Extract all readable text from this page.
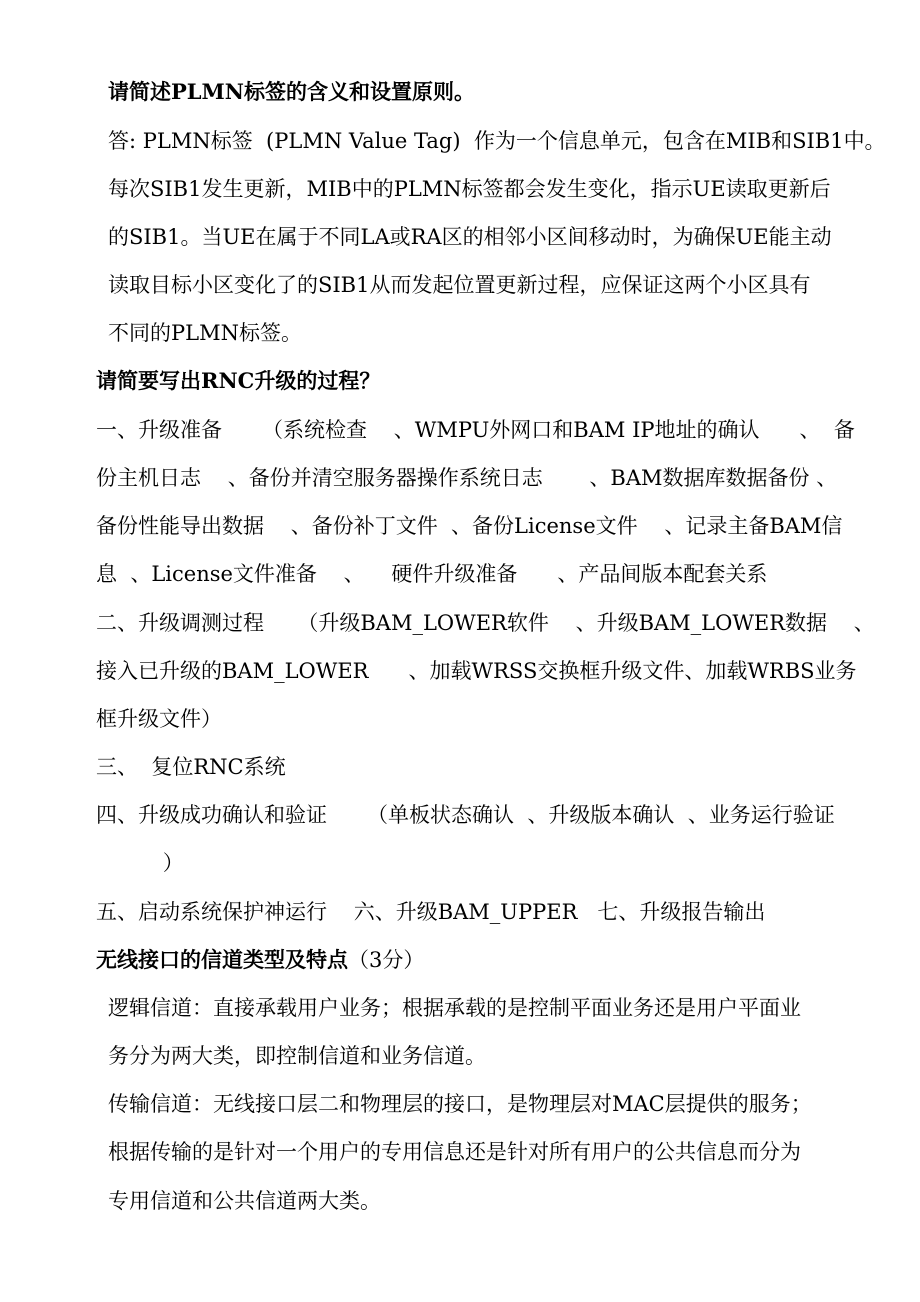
请简述PLMN标签的含义和设置原则。
答: PLMN标签  (PLMN Value Tag)  作为一个信息单元，包含在MIB和SIB1中。
每次SIB1发生更新，MIB中的PLMN标签都会发生变化，指示UE读取更新后
的SIB1。当UE在属于不同LA或RA区的相邻小区间移动时，为确保UE能主动
读取目标小区变化了的SIB1从而发起位置更新过程，应保证这两个小区具有
不同的PLMN标签。
请简要写出RNC升级的过程？
一、升级准备      （系统检查    、WMPU外网口和BAM IP地址的确认      、  备
份主机日志    、备份并清空服务器操作系统日志       、BAM数据库数据备份 、
备份性能导出数据    、备份补丁文件  、备份License文件    、记录主备BAM信
息  、License文件准备    、    硬件升级准备      、产品间版本配套关系
二、升级调测过程     （升级BAM_LOWER软件    、升级BAM_LOWER数据    、
接入已升级的BAM_LOWER      、加载WRSS交换框升级文件、加载WRBS业务
框升级文件）
三、  复位RNC系统
四、升级成功确认和验证      （单板状态确认  、升级版本确认  、业务运行验证
）
五、启动系统保护神运行    六、升级BAM_UPPER   七、升级报告输出
无线接口的信道类型及特点（3分）
逻辑信道：直接承载用户业务；根据承载的是控制平面业务还是用户平面业
务分为两大类，即控制信道和业务信道。
传输信道：无线接口层二和物理层的接口，是物理层对MAC层提供的服务；
根据传输的是针对一个用户的专用信息还是针对所有用户的公共信息而分为
专用信道和公共信道两大类。
